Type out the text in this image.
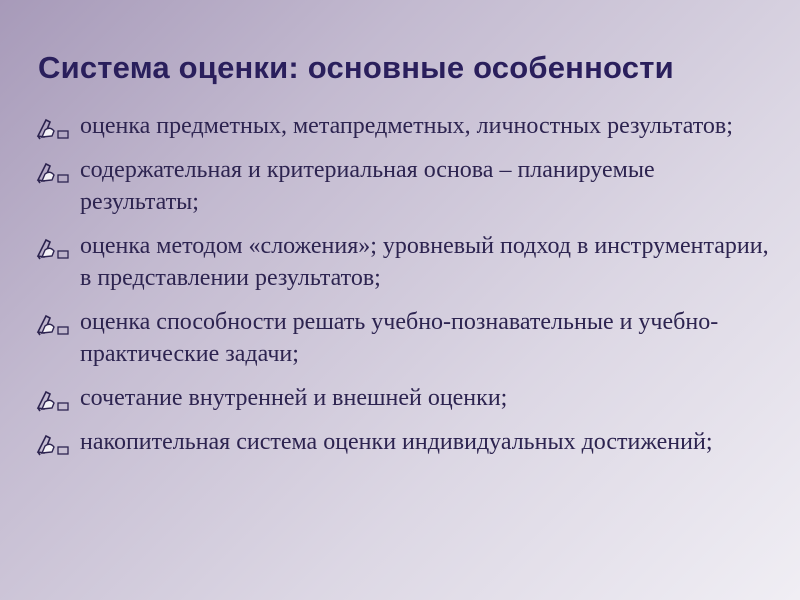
Система оценки: основные особенности
оценка предметных, метапредметных, личностных результатов;
содержательная и критериальная основа – планируемые результаты;
оценка методом «сложения»; уровневый подход в инструментарии, в представлении результатов;
оценка способности решать учебно-познавательные и учебно-практические задачи;
сочетание внутренней и внешней оценки;
накопительная система оценки индивидуальных достижений;
